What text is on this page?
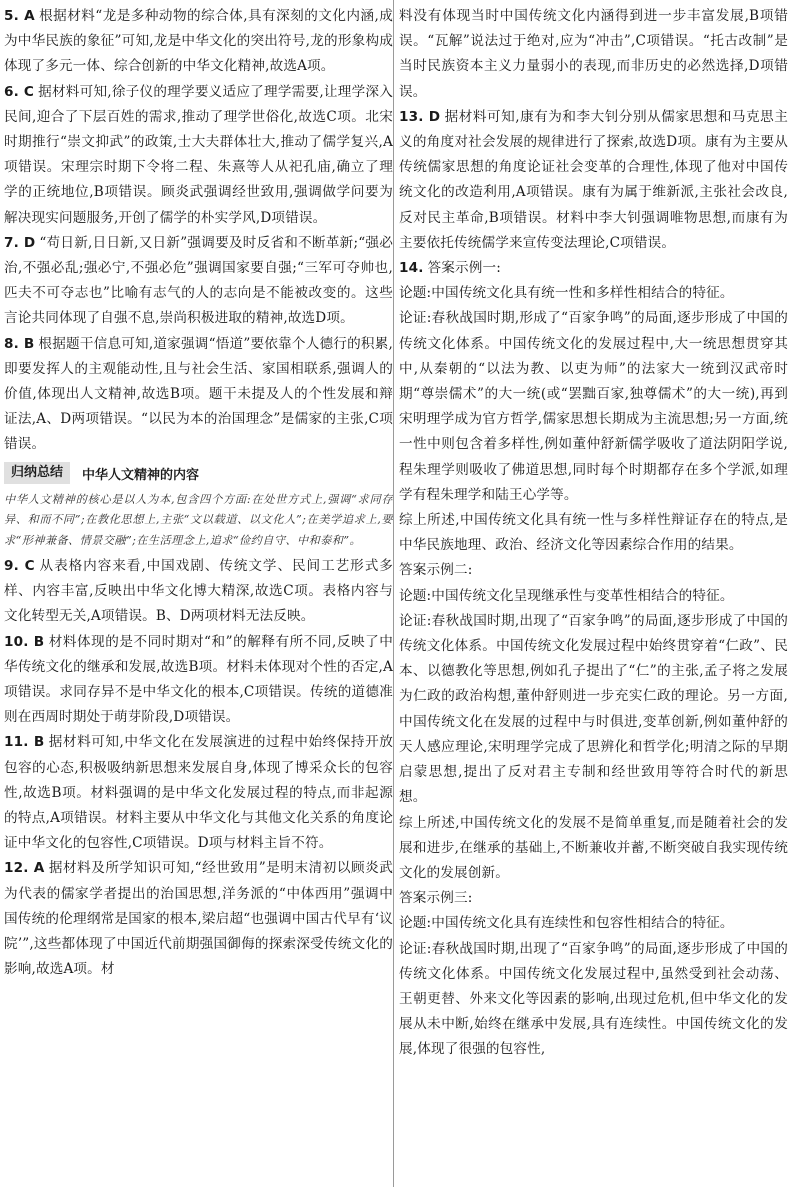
5. A 根据材料“龙是多种动物的综合体,具有深刻的文化内涵,成为中华民族的象征”可知,龙是中华文化的突出符号,龙的形象构成体现了多元一体、综合创新的中华文化精神,故选A项。

6. C 据材料可知,徐子仪的理学要义适应了理学需要,让理学深入民间,迎合了下层百姓的需求,推动了理学世俗化,故选C项。北宋时期推行“崇文抑武”的政策,士大夫群体壮大,推动了儒学复兴,A项错误。宋理宗时期下令将二程、朱熹等人从祀孔庙,确立了理学的正统地位,B项错误。顾炎武强调经世致用,强调做学问要为解决现实问题服务,开创了儒学的朴实学风,D项错误。

7. D “苟日新,日日新,又日新”强调要及时反省和不断革新;“强必治,不强必乱;强必宁,不强必危”强调国家要自强;“三军可夺帅也,匹夫不可夺志也”比喻有志气的人的志向是不能被改变的。这些言论共同体现了自强不息,崇尚积极进取的精神,故选D项。

8. B 根据题干信息可知,道家强调“悟道”要依靠个人德行的积累,即要发挥人的主观能动性,且与社会生活、家国相联系,强调人的价值,体现出人文精神,故选B项。题干未提及人的个性发展和辩证法,A、D两项错误。“以民为本的治国理念”是儒家的主张,C项错误。

归纳总结	中华人文精神的内容

中华人文精神的核心是以人为本,包含四个方面:在处世方式上,强调“求同存异、和而不同”;在教化思想上,主张“文以载道、以文化人”;在美学追求上,要求“形神兼备、情景交融”;在生活理念上,追求“俭约自守、中和泰和”。

9. C 从表格内容来看,中国戏剧、传统文学、民间工艺形式多样、内容丰富,反映出中华文化博大精深,故选C项。表格内容与文化转型无关,A项错误。B、D两项材料无法反映。

10. B 材料体现的是不同时期对“和”的解释有所不同,反映了中华传统文化的继承和发展,故选B项。材料未体现对个性的否定,A项错误。求同存异不是中华文化的根本,C项错误。传统的道德准则在西周时期处于萌芽阶段,D项错误。

11. B 据材料可知,中华文化在发展演进的过程中始终保持开放包容的心态,积极吸纳新思想来发展自身,体现了博采众长的包容性,故选B项。材料强调的是中华文化发展过程的特点,而非起源的特点,A项错误。材料主要从中华文化与其他文化关系的角度论证中华文化的包容性,C项错误。D项与材料主旨不符。

12. A 据材料及所学知识可知,“经世致用”是明末清初以顾炎武为代表的儒家学者提出的治国思想,洋务派的“中体西用”强调中国传统的伦理纲常是国家的根本,梁启超“也强调中国古代早有‘议院’”,这些都体现了中国近代前期强国御侮的探索深受传统文化的影响,故选A项。材

料没有体现当时中国传统文化内涵得到进一步丰富发展,B项错误。“瓦解”说法过于绝对,应为“冲击”,C项错误。“托古改制”是当时民族资本主义力量弱小的表现,而非历史的必然选择,D项错误。

13. D 据材料可知,康有为和李大钊分别从儒家思想和马克思主义的角度对社会发展的规律进行了探索,故选D项。康有为主要从传统儒家思想的角度论证社会变革的合理性,体现了他对中国传统文化的改造利用,A项错误。康有为属于维新派,主张社会改良,反对民主革命,B项错误。材料中李大钊强调唯物思想,而康有为主要依托传统儒学来宣传变法理论,C项错误。

14. 答案示例一:

论题:中国传统文化具有统一性和多样性相结合的特征。

论证:春秋战国时期,形成了“百家争鸣”的局面,逐步形成了中国的传统文化体系。中国传统文化的发展过程中,大一统思想贯穿其中,从秦朝的“以法为教、以吏为师”的法家大一统到汉武帝时期“尊崇儒术”的大一统(或“罢黜百家,独尊儒术”的大一统),再到宋明理学成为官方哲学,儒家思想长期成为主流思想;另一方面,统一性中则包含着多样性,例如董仲舒新儒学吸收了道法阴阳学说,程朱理学则吸收了佛道思想,同时每个时期都存在多个学派,如理学有程朱理学和陆王心学等。

综上所述,中国传统文化具有统一性与多样性辩证存在的特点,是中华民族地理、政治、经济文化等因素综合作用的结果。

答案示例二:

论题:中国传统文化呈现继承性与变革性相结合的特征。

论证:春秋战国时期,出现了“百家争鸣”的局面,逐步形成了中国的传统文化体系。中国传统文化发展过程中始终贯穿着“仁政”、民本、以德教化等思想,例如孔子提出了“仁”的主张,孟子将之发展为仁政的政治构想,董仲舒则进一步充实仁政的理论。另一方面,中国传统文化在发展的过程中与时俱进,变革创新,例如董仲舒的天人感应理论,宋明理学完成了思辨化和哲学化;明清之际的早期启蒙思想,提出了反对君主专制和经世致用等符合时代的新思想。

综上所述,中国传统文化的发展不是简单重复,而是随着社会的发展和进步,在继承的基础上,不断兼收并蓄,不断突破自我实现传统文化的发展创新。

答案示例三:

论题:中国传统文化具有连续性和包容性相结合的特征。

论证:春秋战国时期,出现了“百家争鸣”的局面,逐步形成了中国的传统文化体系。中国传统文化发展过程中,虽然受到社会动荡、王朝更替、外来文化等因素的影响,出现过危机,但中华文化的发展从未中断,始终在继承中发展,具有连续性。中国传统文化的发展,体现了很强的包容性,
